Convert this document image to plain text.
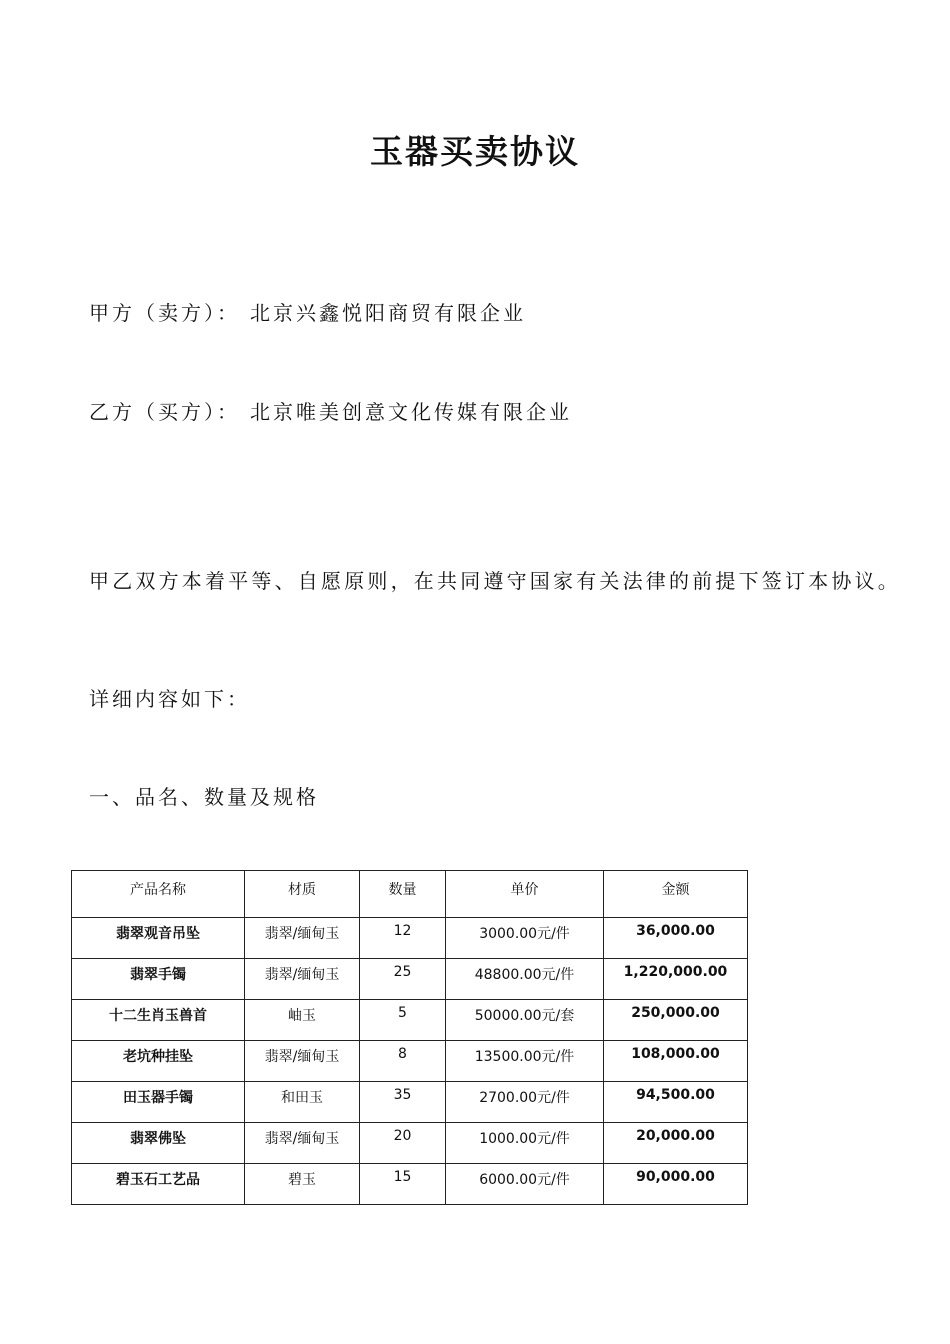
玉器买卖协议
甲方（卖方）： 北京兴鑫悦阳商贸有限企业
乙方（买方）： 北京唯美创意文化传媒有限企业
甲乙双方本着平等、自愿原则，在共同遵守国家有关法律的前提下签订本协议。
详细内容如下：
一、品名、数量及规格
产品名称	材质	数量	单价	金额
翡翠观音吊坠	翡翠/缅甸玉	12	3000.00元/件	36,000.00
翡翠手镯	翡翠/缅甸玉	25	48800.00元/件	1,220,000.00
十二生肖玉兽首	岫玉	5	50000.00元/套	250,000.00
老坑种挂坠	翡翠/缅甸玉	8	13500.00元/件	108,000.00
田玉器手镯	和田玉	35	2700.00元/件	94,500.00
翡翠佛坠	翡翠/缅甸玉	20	1000.00元/件	20,000.00
碧玉石工艺品	碧玉	15	6000.00元/件	90,000.00
